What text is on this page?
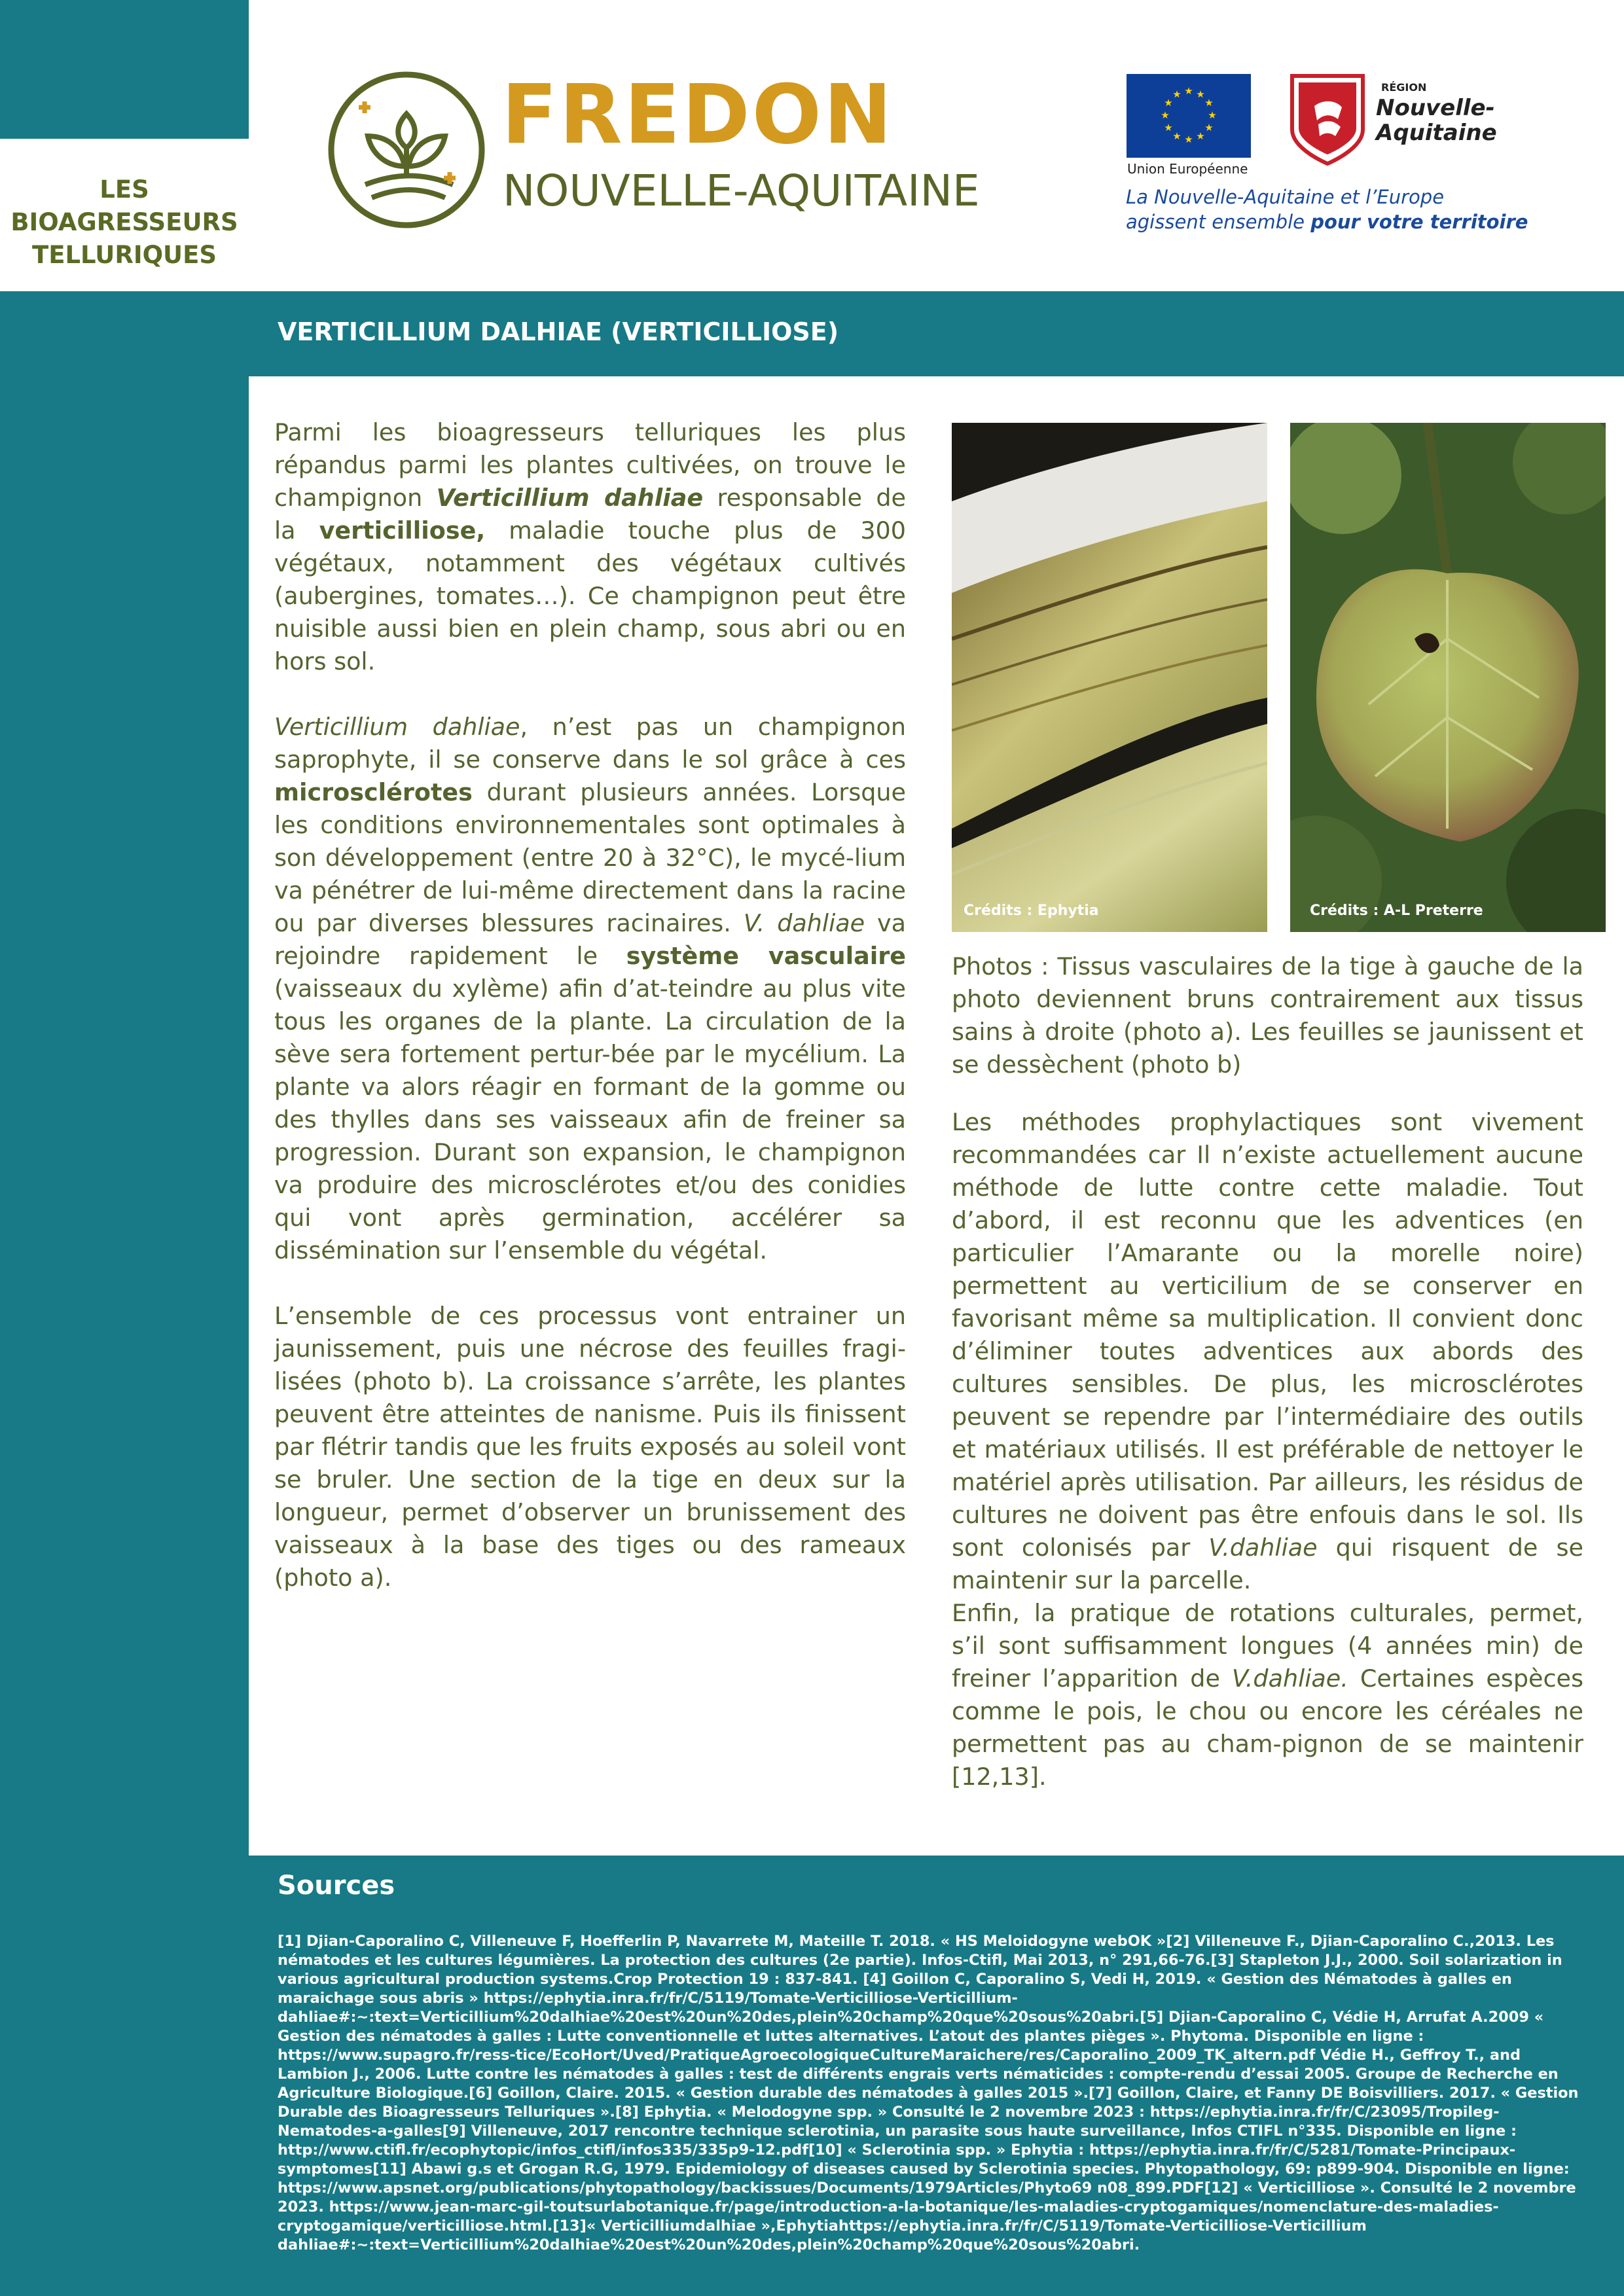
LES
BIOAGRESSEURS
TELLURIQUES
FREDON
NOUVELLE-AQUITAINE
★ ★
★
★
★
★
★
★
★
★
★
★
Union Européenne
RÉGION
Nouvelle-
Aquitaine
La Nouvelle-Aquitaine et l’Europe
agissent ensemble pour votre territoire
VERTICILLIUM DALHIAE (VERTICILLIOSE)

Parmi les bioagresseurs telluriques les plus répandus parmi les plantes cultivées, on trouve le champignon Verticillium dahliae responsable de la verticilliose, maladie touche plus de 300 végétaux, notamment des végétaux cultivés (aubergines, tomates…). Ce champignon peut être nuisible aussi bien en plein champ, sous abri ou en hors sol.

Verticillium dahliae, n’est pas un champignon saprophyte, il se conserve dans le sol grâce à ces microsclérotes durant plusieurs années. Lorsque les conditions environnementales sont optimales à son développement (entre 20 à 32°C), le mycé-lium va pénétrer de lui-même directement dans la racine ou par diverses blessures racinaires. V. dahliae va rejoindre rapidement le système vasculaire (vaisseaux du xylème) afin d’at-teindre au plus vite tous les organes de la plante. La circulation de la sève sera fortement pertur-bée par le mycélium. La plante va alors réagir en formant de la gomme ou des thylles dans ses vaisseaux afin de freiner sa progression. Durant son expansion, le champignon va produire des microsclérotes et/ou des conidies qui vont après germination, accélérer sa dissémination sur l’ensemble du végétal.

L’ensemble de ces processus vont entrainer un jaunissement, puis une nécrose des feuilles fragi-lisées (photo b). La croissance s’arrête, les plantes peuvent être atteintes de nanisme. Puis ils finissent par flétrir tandis que les fruits exposés au soleil vont se bruler. Une section de la tige en deux sur la longueur, permet d’observer un brunissement des vaisseaux à la base des tiges ou des rameaux (photo a).

Crédits : Ephytia	Crédits : A-L Preterre

Photos : Tissus vasculaires de la tige à gauche de la photo deviennent bruns contrairement aux tissus sains à droite (photo a). Les feuilles se jaunissent et se dessèchent (photo b)

Les méthodes prophylactiques sont vivement recommandées car Il n’existe actuellement aucune méthode de lutte contre cette maladie. Tout d’abord, il est reconnu que les adventices (en particulier l’Amarante ou la morelle noire) permettent au verticilium de se conserver en favorisant même sa multiplication. Il convient donc d’éliminer toutes adventices aux abords des cultures sensibles. De plus, les microsclérotes peuvent se rependre par l’intermédiaire des outils et matériaux utilisés. Il est préférable de nettoyer le matériel après utilisation. Par ailleurs, les résidus de cultures ne doivent pas être enfouis dans le sol. Ils sont colonisés par V.dahliae qui risquent de se maintenir sur la parcelle.

Enfin, la pratique de rotations culturales, permet, s’il sont suffisamment longues (4 années min) de freiner l’apparition de V.dahliae. Certaines espèces comme le pois, le chou ou encore les céréales ne permettent pas au cham-pignon de se maintenir [12,13].

Sources

[1] Djian-Caporalino C, Villeneuve F, Hoefferlin P, Navarrete M, Mateille T. 2018. « HS Meloidogyne webOK »[2] Villeneuve F., Djian-Caporalino C.,2013. Les nématodes et les cultures légumières. La protection des cultures (2e partie). Infos-Ctifl, Mai 2013, n° 291,66-76.[3] Stapleton J.J., 2000. Soil solarization in various agricultural production systems.Crop Protection 19 : 837-841. [4] Goillon C, Caporalino S, Vedi H, 2019. « Gestion des Nématodes à galles en maraichage sous abris » https://ephytia.inra.fr/fr/C/5119/Tomate-Verticilliose-Verticillium-dahliae#:~:text=Verticillium%20dalhiae%20est%20un%20des,plein%20champ%20que%20sous%20abri.[5] Djian-Caporalino C, Védie H, Arrufat A.2009 « Gestion des nématodes à galles : Lutte conventionnelle et luttes alternatives. L’atout des plantes pièges ». Phytoma. Disponible en ligne : https://www.supagro.fr/ress-tice/EcoHort/Uved/PratiqueAgroecologiqueCultureMaraichere/res/Caporalino_2009_TK_altern.pdf Védie H., Geffroy T., and Lambion J., 2006. Lutte contre les nématodes à galles : test de différents engrais verts nématicides : compte-rendu d’essai 2005. Groupe de Recherche en Agriculture Biologique.[6] Goillon, Claire. 2015. « Gestion durable des nématodes à galles 2015 ».[7] Goillon, Claire, et Fanny DE Boisvilliers. 2017. « Gestion Durable des Bioagresseurs Telluriques ».[8] Ephytia. « Melodogyne spp. » Consulté le 2 novembre 2023 : https://ephytia.inra.fr/fr/C/23095/Tropileg-Nematodes-a-galles[9] Villeneuve, 2017 rencontre technique sclerotinia, un parasite sous haute surveillance, Infos CTIFL n°335. Disponible en ligne : http://www.ctifl.fr/ecophytopic/infos_ctifl/infos335/335p9-12.pdf[10] « Sclerotinia spp. » Ephytia : https://ephytia.inra.fr/fr/C/5281/Tomate-Principaux-symptomes[11] Abawi g.s et Grogan R.G, 1979. Epidemiology of diseases caused by Sclerotinia species. Phytopathology, 69: p899-904. Disponible en ligne: https://www.apsnet.org/publications/phytopathology/backissues/Documents/1979Articles/Phyto69 n08_899.PDF[12] « Verticilliose ». Consulté le 2 novembre 2023. https://www.jean-marc-gil-toutsurlabotanique.fr/page/introduction-a-la-botanique/les-maladies-cryptogamiques/nomenclature-des-maladies-cryptogamique/verticilliose.html.[13]« Verticilliumdalhiae »,Ephytiahttps://ephytia.inra.fr/fr/C/5119/Tomate-Verticilliose-Verticillium dahliae#:~:text=Verticillium%20dalhiae%20est%20un%20des,plein%20champ%20que%20sous%20abri.
